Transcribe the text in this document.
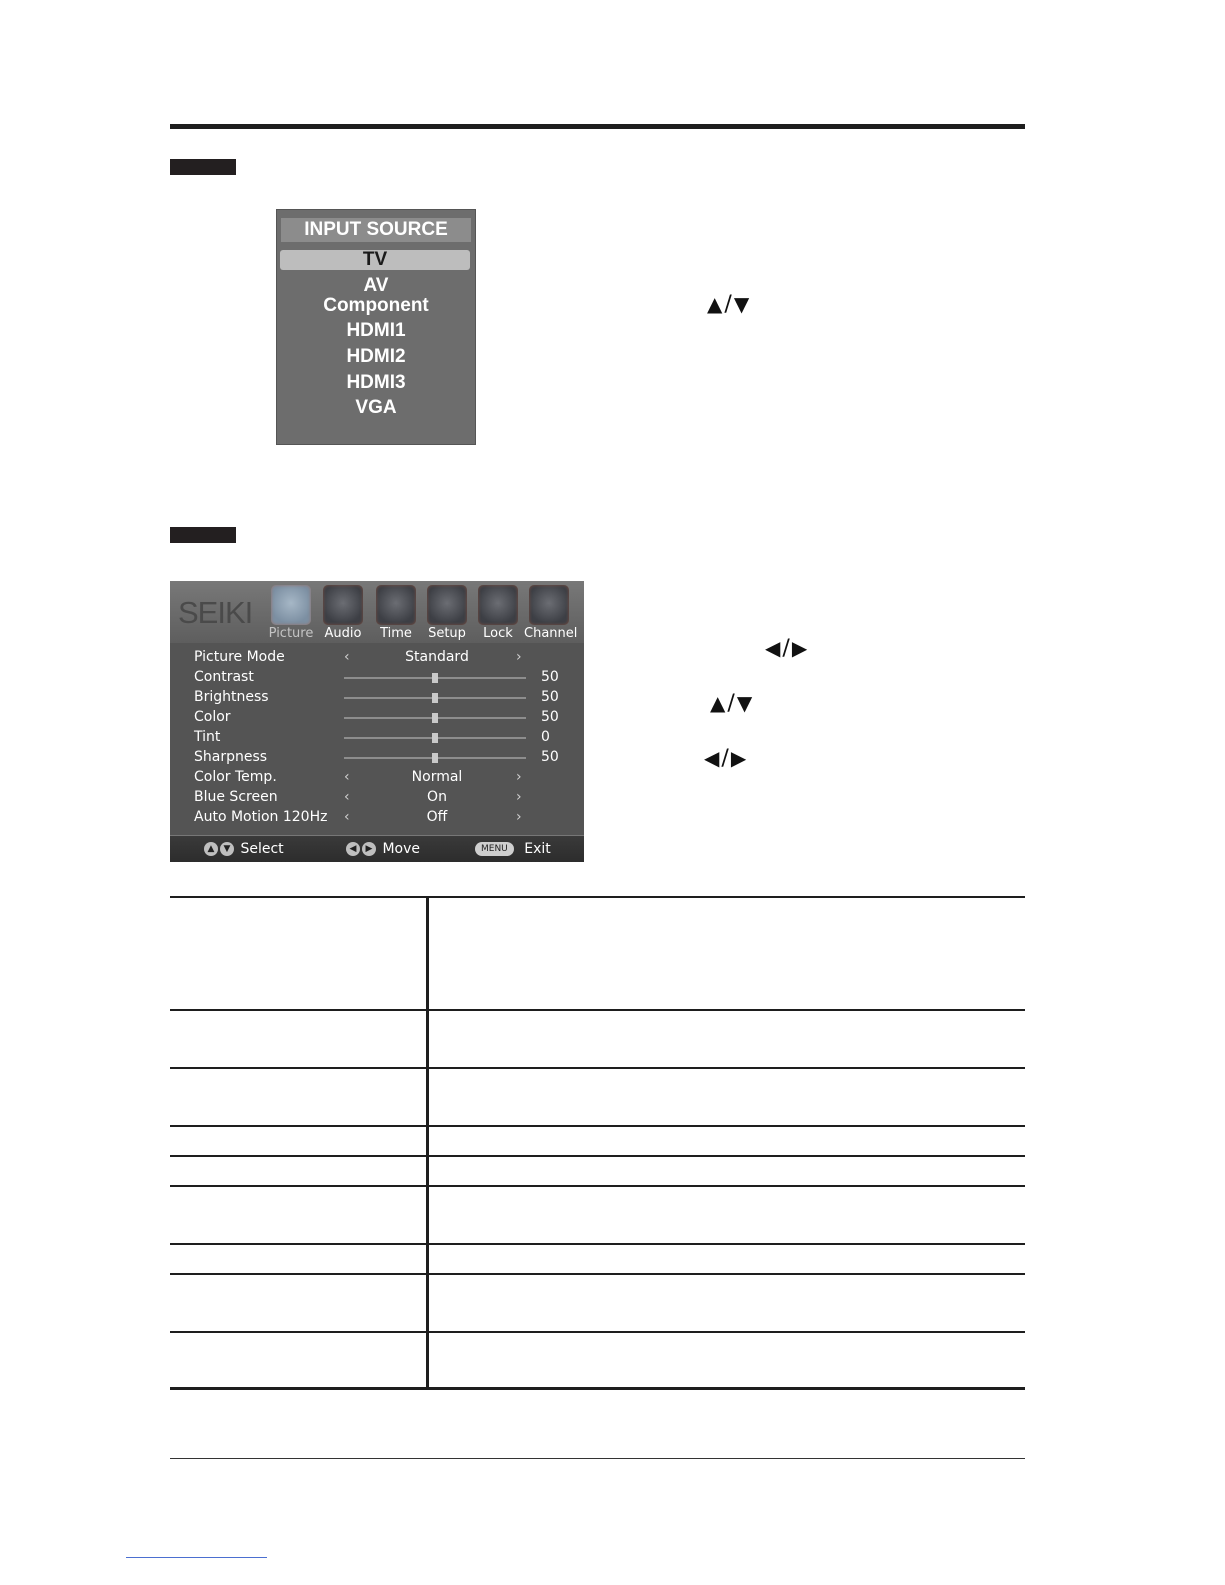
INPUT SOURCE
TV
AV
Component
HDMI1
HDMI2
HDMI3
VGA
▲/ ▼
SEIKI
Picture Audio	Time	Setup	Lock Channel
Picture Mode	‹	Standard	›
Contrast	50
Brightness	50
Color	50
Tint	0
Sharpness	50
Color Temp.	‹	Normal	›
Blue Screen	‹	On	›
Auto Motion 120Hz ‹	Off	›
▲ ▼ Select	◀ ▶ Move	MENU Exit
◀/ ▶
▲/ ▼
◀/ ▶
